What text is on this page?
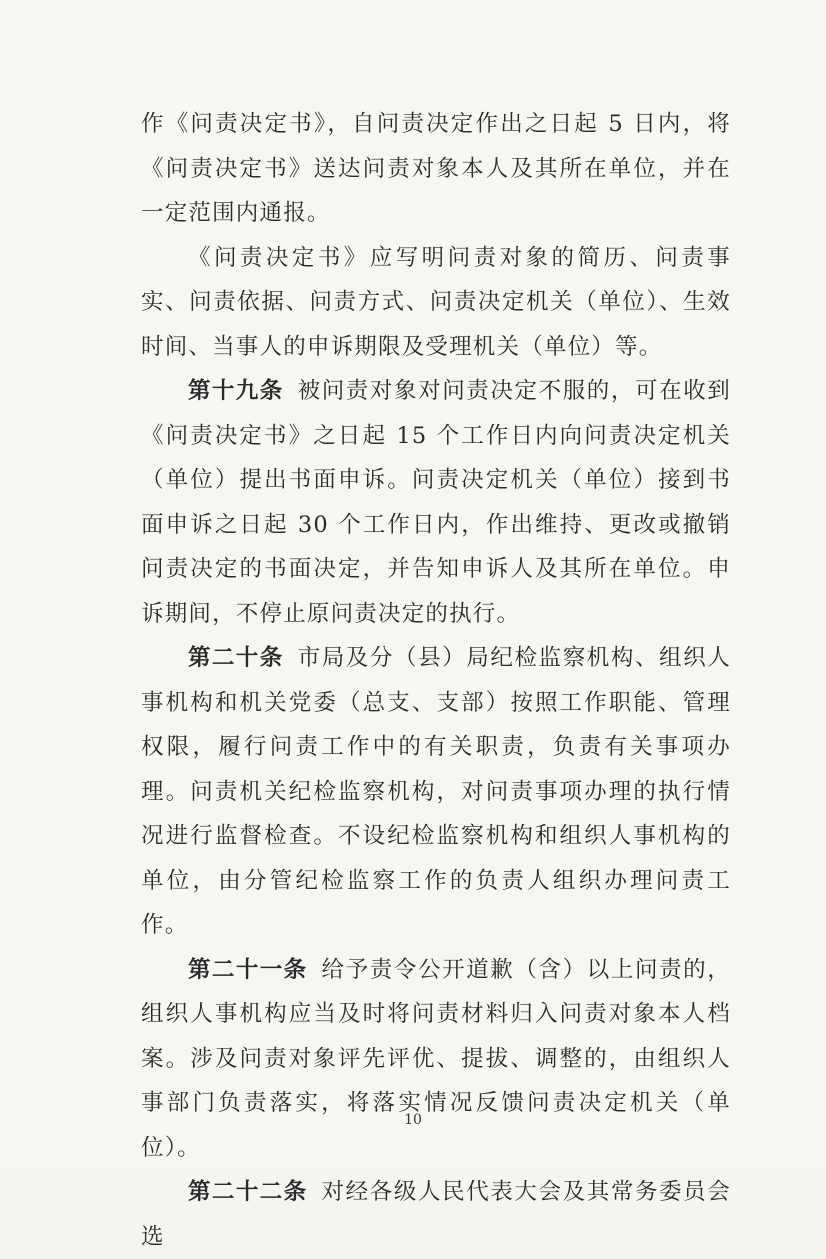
作《问责决定书》，自问责决定作出之日起 5 日内，将《问责决定书》送达问责对象本人及其所在单位，并在一定范围内通报。

《问责决定书》应写明问责对象的简历、问责事实、问责依据、问责方式、问责决定机关（单位）、生效时间、当事人的申诉期限及受理机关（单位）等。

第十九条 被问责对象对问责决定不服的，可在收到《问责决定书》之日起 15 个工作日内向问责决定机关（单位）提出书面申诉。问责决定机关（单位）接到书面申诉之日起 30 个工作日内，作出维持、更改或撤销问责决定的书面决定，并告知申诉人及其所在单位。申诉期间，不停止原问责决定的执行。

第二十条 市局及分（县）局纪检监察机构、组织人事机构和机关党委（总支、支部）按照工作职能、管理权限，履行问责工作中的有关职责，负责有关事项办理。问责机关纪检监察机构，对问责事项办理的执行情况进行监督检查。不设纪检监察机构和组织人事机构的单位，由分管纪检监察工作的负责人组织办理问责工作。

第二十一条 给予责令公开道歉（含）以上问责的，组织人事机构应当及时将问责材料归入问责对象本人档案。涉及问责对象评先评优、提拔、调整的，由组织人事部门负责落实，将落实情况反馈问责决定机关（单位）。

第二十二条 对经各级人民代表大会及其常务委员会选

10
